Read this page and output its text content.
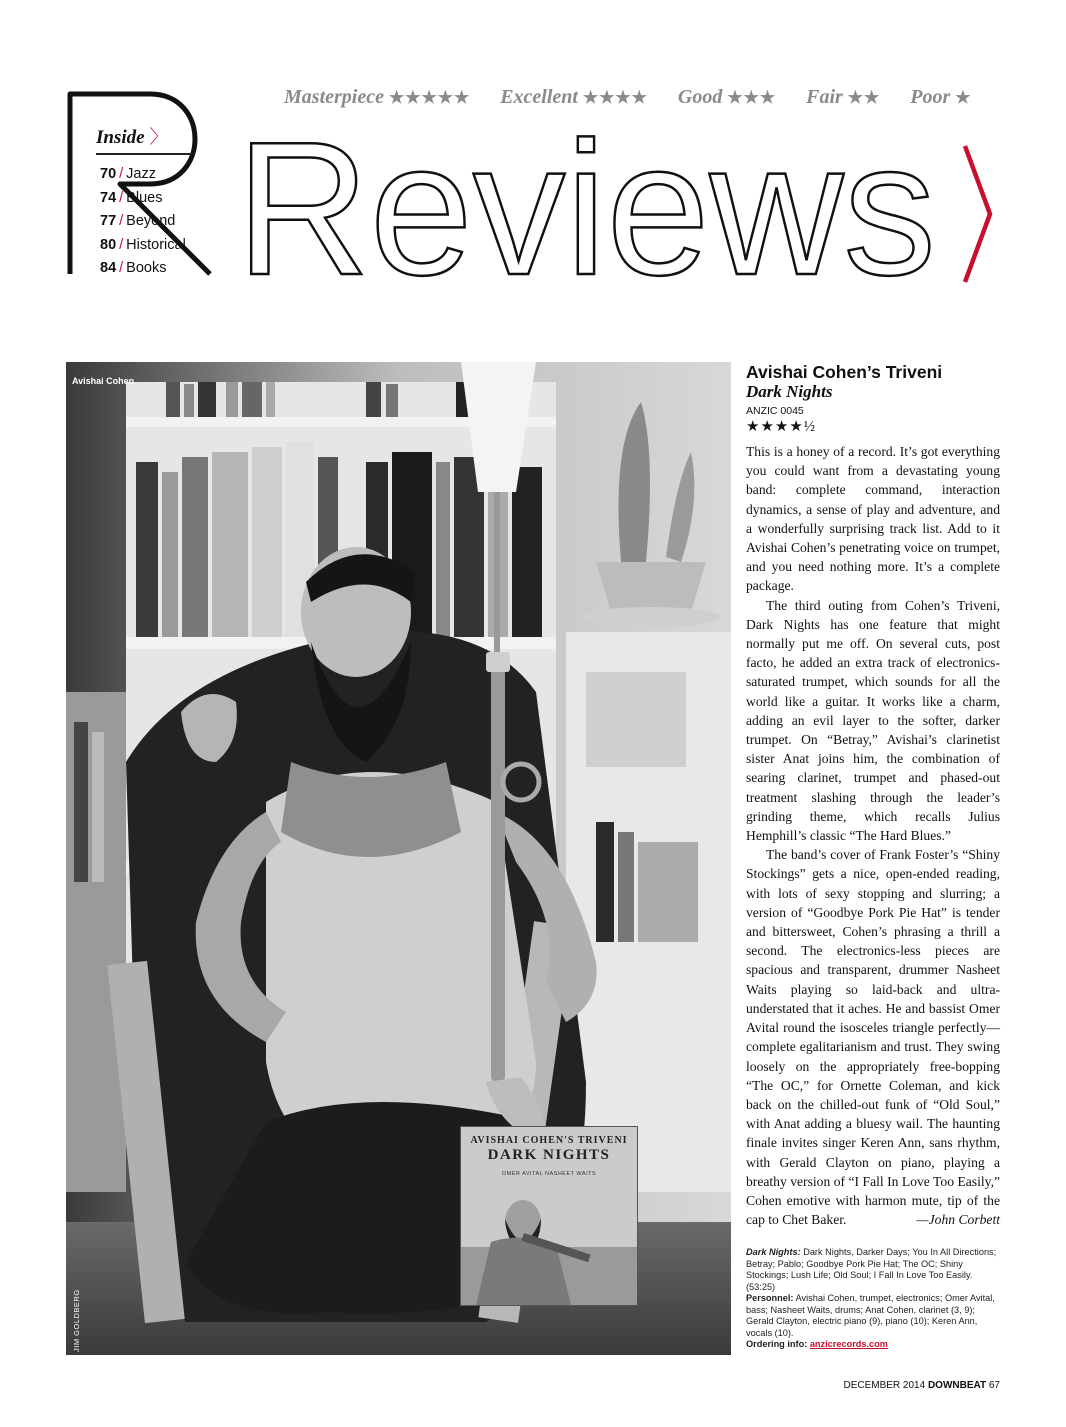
Masterpiece ★★★★★ Excellent ★★★★ Good ★★★ Fair ★★ Poor ★
Reviews
Inside 〉
70 / Jazz
74 / Blues
77 / Beyond
80 / Historical
84 / Books
Avishai Cohen
JIM GOLDBERG
AVISHAI COHEN'S TRIVENI
DARK NIGHTS
OMER AVITAL NASHEET WAITS
Avishai Cohen’s Triveni
Dark Nights
ANZIC 0045
★★★★½

This is a honey of a record. It’s got everything you could want from a devastating young band: complete command, interaction dynamics, a sense of play and adventure, and a wonderfully surprising track list. Add to it Avishai Cohen’s penetrating voice on trumpet, and you need nothing more. It’s a complete package.

The third outing from Cohen’s Triveni, Dark Nights has one feature that might normally put me off. On several cuts, post facto, he added an extra track of electronics-saturated trumpet, which sounds for all the world like a guitar. It works like a charm, adding an evil layer to the softer, darker trumpet. On “Betray,” Avishai’s clarinetist sister Anat joins him, the combination of searing clarinet, trumpet and phased-out treatment slashing through the leader’s grinding theme, which recalls Julius Hemphill’s classic “The Hard Blues.”

The band’s cover of Frank Foster’s “Shiny Stockings” gets a nice, open-ended reading, with lots of sexy stopping and slurring; a version of “Goodbye Pork Pie Hat” is tender and bittersweet, Cohen’s phrasing a thrill a second. The electronics-less pieces are spacious and transparent, drummer Nasheet Waits playing so laid-back and ultra-understated that it aches. He and bassist Omer Avital round the isosceles triangle perfectly—complete egalitarianism and trust. They swing loosely on the appropriately free-bopping “The OC,” for Ornette Coleman, and kick back on the chilled-out funk of “Old Soul,” with Anat adding a bluesy wail. The haunting finale invites singer Keren Ann, sans rhythm, with Gerald Clayton on piano, playing a breathy version of “I Fall In Love Too Easily,” Cohen emotive with harmon mute, tip of the cap to Chet Baker.	—John Corbett

Dark Nights: Dark Nights, Darker Days; You In All Directions; Betray; Pablo; Goodbye Pork Pie Hat; The OC; Shiny Stockings; Lush Life; Old Soul; I Fall In Love Too Easily. (53:25)

Personnel: Avishai Cohen, trumpet, electronics; Omer Avital, bass; Nasheet Waits, drums; Anat Cohen, clarinet (3, 9); Gerald Clayton, electric piano (9), piano (10); Keren Ann, vocals (10).

Ordering info: anzicrecords.com

DECEMBER 2014 DOWNBEAT 67
